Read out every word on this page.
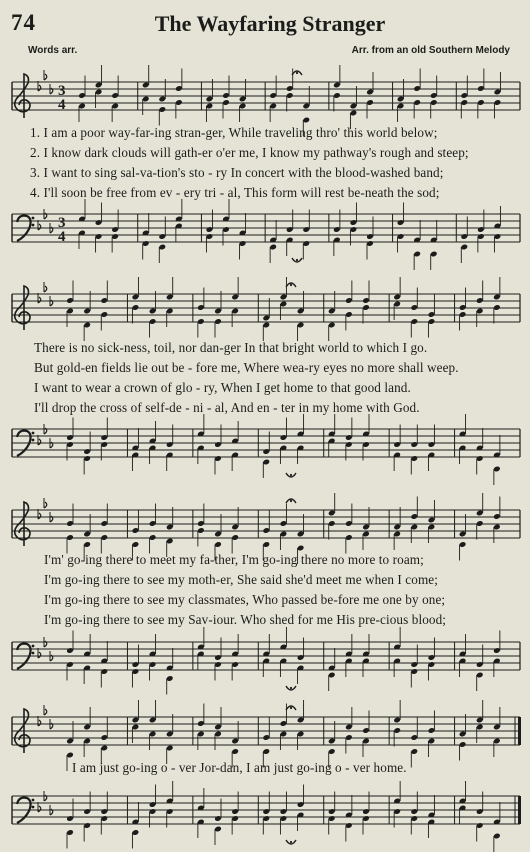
74	The Wayfaring Stranger
Words arr.	Arr. from an old Southern Melody
3
4
1. I am a poor way-far-ing stran-ger, While traveling thro' this world below;
2. I know dark clouds will gath-er o'er me, I know my pathway's rough and steep;
3. I want to sing sal-va-tion's sto - ry In concert with the blood-washed band;
4. I'll soon be free from ev - ery tri - al, This form will rest be-neath the sod;
3
4
There is no sick-ness, toil, nor dan-ger In that bright world to which I go.
But gold-en fields lie out be - fore me, Where wea-ry eyes no more shall weep.
I want to wear a crown of glo - ry, When I get home to that good land.
I'll drop the cross of self-de - ni - al, And en - ter in my home with God.
I'm' go-ing there to meet my fa-ther, I'm go-ing there no more to roam;
I'm go-ing there to see my moth-er, She said she'd meet me when I come;
I'm go-ing there to see my classmates, Who passed be-fore me one by one;
I'm go-ing there to see my Sav-iour. Who shed for me His pre-cious blood;
I am just go-ing o - ver Jor-dan, I am just go-ing o - ver home.
